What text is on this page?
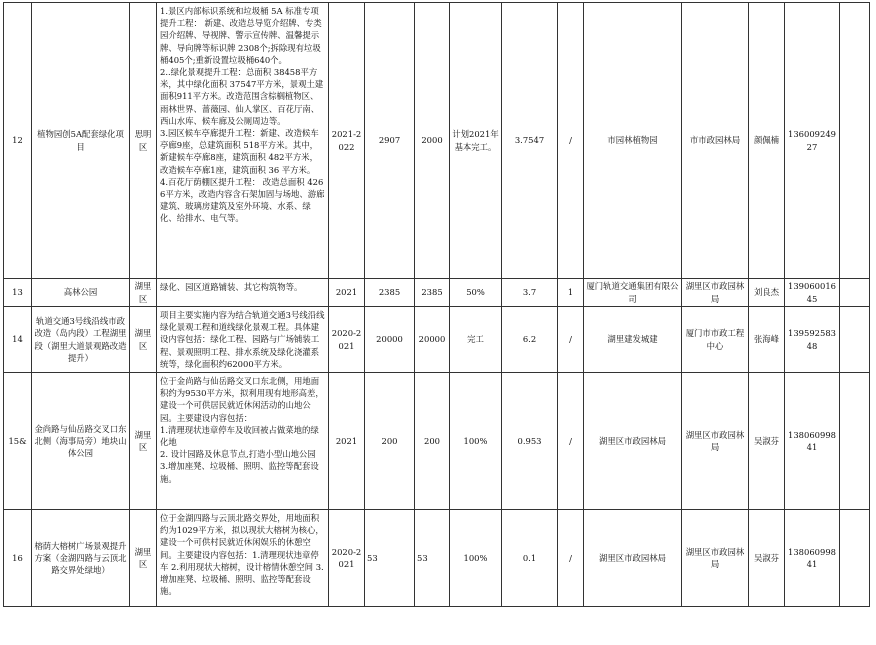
12	植物园创5A配套绿化项目	思明区	1.景区内部标识系统和垃圾桶 5A 标准专项提升工程： 新建、改造总导览介绍牌、专类园介绍牌、导视牌、警示宣传牌、温馨提示牌、导向牌等标识牌 2308个;拆除现有垃圾桶405个;重新设置垃圾桶640个。
2..绿化景观提升工程：总面积 38458平方米，其中绿化面积 37547平方米，景观土建面积911平方米。改造范围含棕榈植物区、雨林世界、蔷薇园、仙人掌区、百花厅南、西山水库、候车廊及公厕周边等。
3.园区候车亭廊提升工程：新建、改造候车亭廊9座，总建筑面积 518平方米。其中，新建候车亭廊8座，建筑面积 482平方米，改造候车亭廊1座，建筑面积 36 平方米。
4.百花厅荫棚区提升工程： 改造总面积 4266平方米，改造内容含石架加固与场地、游廊建筑、玻璃房建筑及室外环境、水系、绿化、给排水、电气等。	2021-2022	2907	2000	计划2021年基本完工。	3.7547	/	市园林植物园	市市政园林局	颜佩楠	13600924927	
13	高林公园	湖里区	绿化、园区道路铺装、其它构筑物等。	2021	2385	2385	50%	3.7	1	厦门轨道交通集团有限公司	湖里区市政园林局	刘良杰	13906001645	
14	轨道交通3号线沿线市政改造（岛内段）工程湖里段（湖里大道景观路改造提升）	湖里区	项目主要实施内容为结合轨道交通3号线沿线绿化景观工程和道线绿化景观工程。具体建设内容包括：绿化工程、园路与广场铺装工程、景观照明工程、排水系统及绿化浇灌系统等，绿化面积约62000平方米。	2020-2021	20000	20000	完工	6.2	/	湖里建发城建	厦门市市政工程中心	张海峰	13959258348	
15&	金尚路与仙岳路交叉口东北侧（海事局旁）地块山体公园	湖里区	位于金尚路与仙岳路交叉口东北侧，用地面积约为9530平方米，拟利用现有地形高差，建设一个可供居民就近休闲活动的山地公园。主要建设内容包括：
1.清理现状违章停车及收回被占做菜地的绿化地
2. 设计园路及休息节点,打造小型山地公园
3.增加座凳、垃圾桶、照明、监控等配套设施。	2021	200	200	100%	0.953	/	湖里区市政园林局	湖里区市政园林局	吴淑芬	13806099841	
16	榕荫大榕树广场景观提升方案（金湖四路与云顶北路交界处绿地）	湖里区	位于金湖四路与云顶北路交界处，用地面积约为1029平方米，拟以现状大榕树为核心，建设一个可供村民就近休闲娱乐的休憩空间。主要建设内容包括：1.清理现状违章停车 2.利用现状大榕树，设计榕情休憩空间 3.增加座凳、垃圾桶、照明、监控等配套设施。	2020-2021	53	53	100%	0.1	/	湖里区市政园林局	湖里区市政园林局	吴淑芬	13806099841	
